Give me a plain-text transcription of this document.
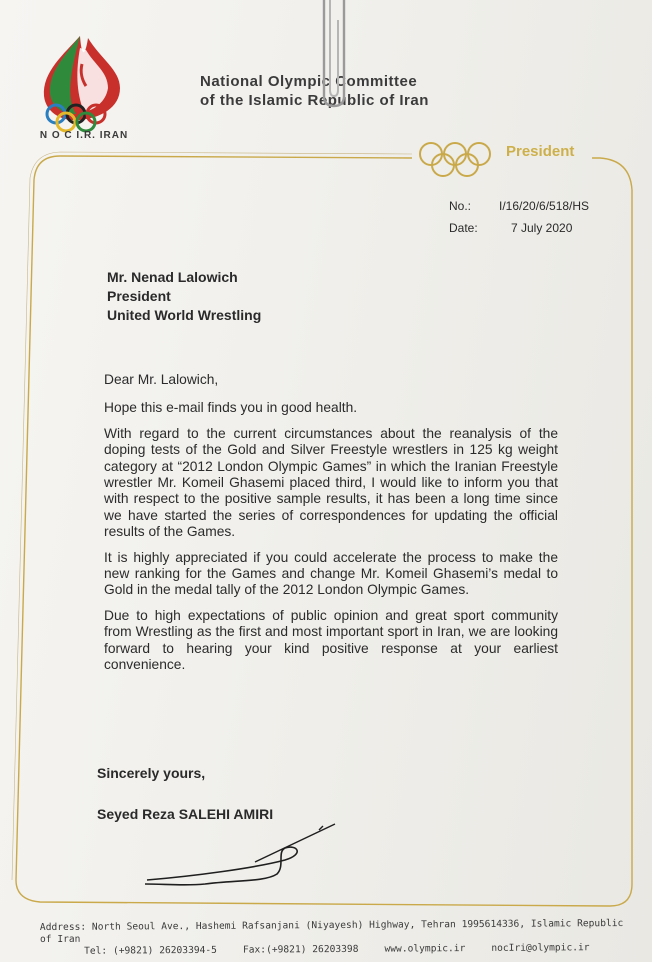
N O C I.R. IRAN
National Olympic Committee
of the Islamic Republic of Iran
President
No.:	I/16/20/6/518/HS
Date:	7 July 2020
Mr. Nenad Lalowich
President
United World Wrestling

Dear Mr. Lalowich,

Hope this e-mail finds you in good health.

With regard to the current circumstances about the reanalysis of the doping tests of the Gold and Silver Freestyle wrestlers in 125 kg weight category at “2012 London Olympic Games” in which the Iranian Freestyle wrestler Mr. Komeil Ghasemi placed third, I would like to inform you that with respect to the positive sample results, it has been a long time since we have started the series of correspondences for updating the official results of the Games.

It is highly appreciated if you could accelerate the process to make the new ranking for the Games and change Mr. Komeil Ghasemi’s medal to Gold in the medal tally of the 2012 London Olympic Games.

Due to high expectations of public opinion and great sport community from Wrestling as the first and most important sport in Iran, we are looking forward to hearing your kind positive response at your earliest convenience.

Sincerely yours,
Seyed Reza SALEHI AMIRI
Address: North Seoul Ave., Hashemi Rafsanjani (Niyayesh) Highway, Tehran 1995614336, Islamic Republic of Iran
Tel: (+9821) 26203394-5	Fax:(+9821) 26203398	www.olympic.ir	nocIri@olympic.ir
